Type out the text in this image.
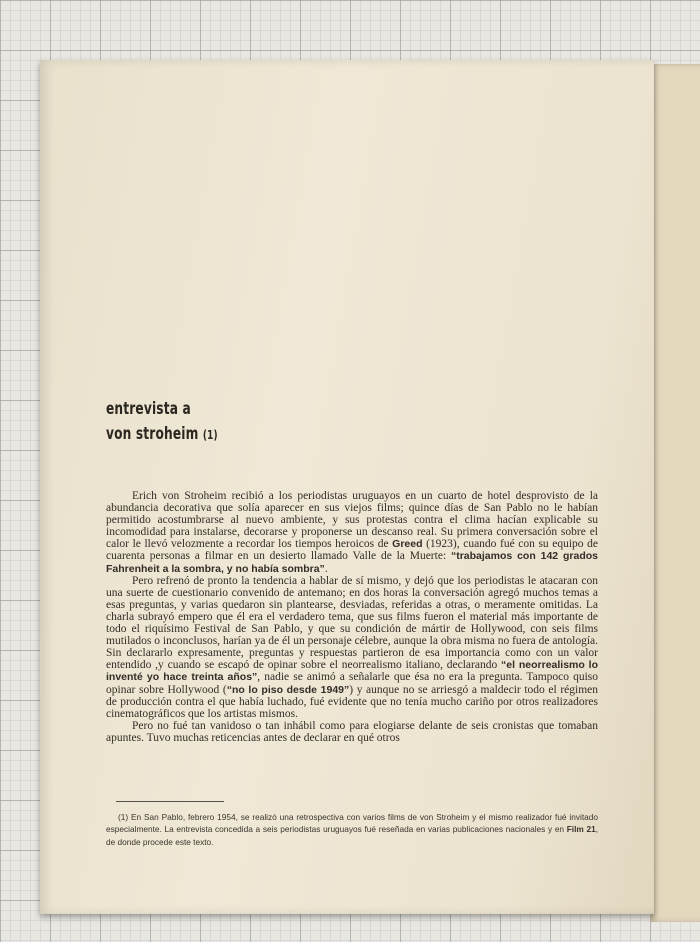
entrevista a
von stroheim (1)

Erich von Stroheim recibió a los periodistas uruguayos en un cuarto de hotel desprovisto de la abundancia decorativa que solía aparecer en sus viejos films; quince días de San Pablo no le habían permitido acostumbrarse al nuevo ambiente, y sus protestas contra el clima hacían explicable su incomodidad para instalarse, decorarse y proponerse un descanso real. Su primera conversación sobre el calor le llevó velozmente a recordar los tiempos heroicos de Greed (1923), cuando fué con su equipo de cuarenta personas a filmar en un desierto llamado Valle de la Muerte: “trabajamos con 142 grados Fahrenheit a la sombra, y no había sombra”.

Pero refrenó de pronto la tendencia a hablar de sí mismo, y dejó que los periodistas le atacaran con una suerte de cuestionario convenido de antemano; en dos horas la conversación agregó muchos temas a esas preguntas, y varias quedaron sin plantearse, desviadas, referidas a otras, o meramente omitidas. La charla subrayó empero que él era el verdadero tema, que sus films fueron el material más importante de todo el riquísimo Festival de San Pablo, y que su condición de mártir de Hollywood, con seis films mutilados o inconclusos, harían ya de él un personaje célebre, aunque la obra misma no fuera de antología. Sin declararlo expresamente, preguntas y respuestas partieron de esa importancia como con un valor entendido ,y cuando se escapó de opinar sobre el neorrealismo italiano, declarando “el neorrealismo lo inventé yo hace treinta años”, nadie se animó a señalarle que ésa no era la pregunta. Tampoco quiso opinar sobre Hollywood (“no lo piso desde 1949”) y aunque no se arriesgó a maldecir todo el régimen de producción contra el que había luchado, fué evidente que no tenía mucho cariño por otros realizadores cinematográficos que los artistas mismos.

Pero no fué tan vanidoso o tan inhábil como para elogiarse delante de seis cronistas que tomaban apuntes. Tuvo muchas reticencias antes de declarar en qué otros

(1) En San Pablo, febrero 1954, se realizó una retrospectiva con varios films de von Stroheim y el mismo realizador fué invitado especialmente. La entrevista concedida a seis periodistas uruguayos fué reseñada en varias publicaciones nacionales y en Film 21, de donde procede este texto.
